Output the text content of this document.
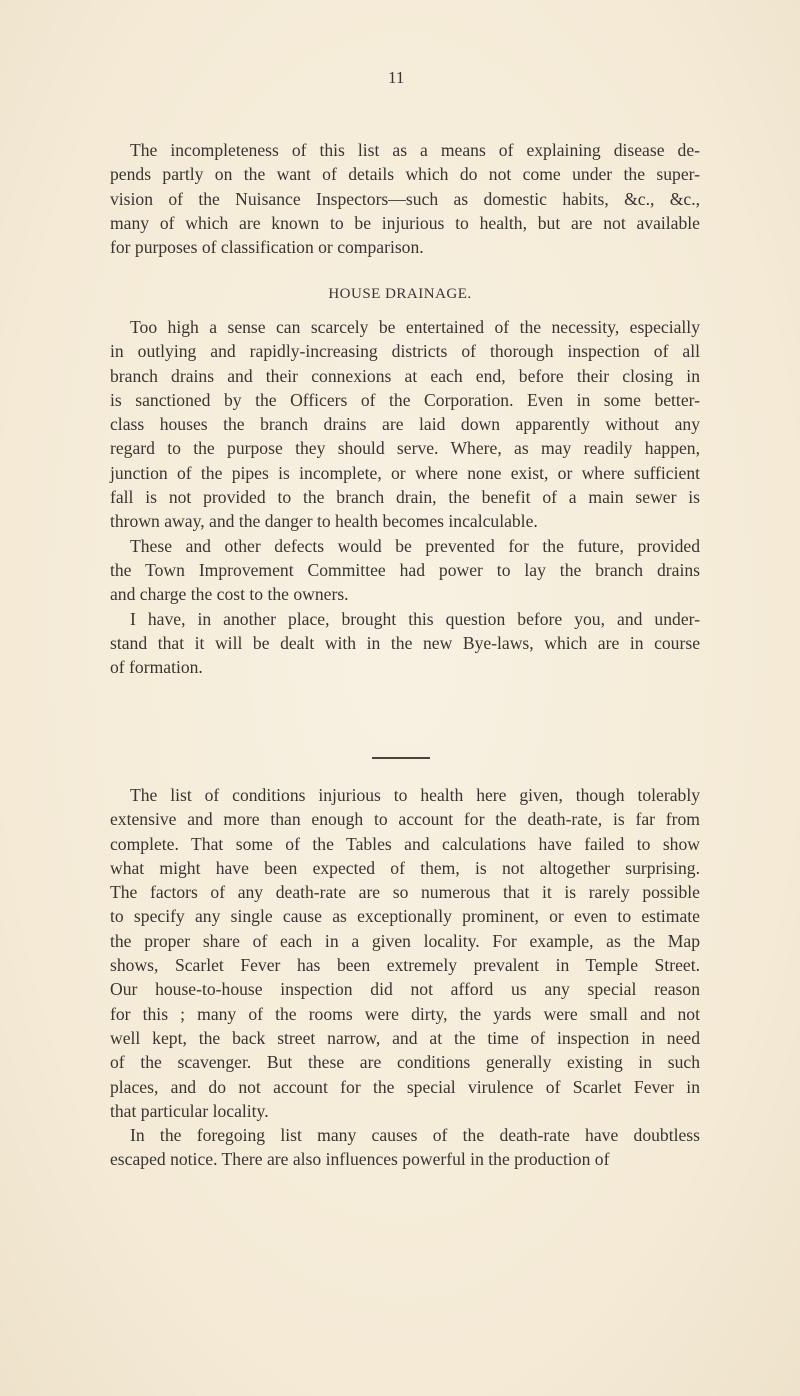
11
The incompleteness of this list as a means of explaining disease de-
pends partly on the want of details which do not come under the super-
vision of the Nuisance Inspectors—such as domestic habits, &c., &c.,
many of which are known to be injurious to health, but are not available
for purposes of classification or comparison.
HOUSE DRAINAGE.
Too high a sense can scarcely be entertained of the necessity, especially
in outlying and rapidly-increasing districts of thorough inspection of all
branch drains and their connexions at each end, before their closing in
is sanctioned by the Officers of the Corporation. Even in some better-
class houses the branch drains are laid down apparently without any
regard to the purpose they should serve. Where, as may readily happen,
junction of the pipes is incomplete, or where none exist, or where sufficient
fall is not provided to the branch drain, the benefit of a main sewer is
thrown away, and the danger to health becomes incalculable.
These and other defects would be prevented for the future, provided
the Town Improvement Committee had power to lay the branch drains
and charge the cost to the owners.
I have, in another place, brought this question before you, and under-
stand that it will be dealt with in the new Bye-laws, which are in course
of formation.
The list of conditions injurious to health here given, though tolerably
extensive and more than enough to account for the death-rate, is far from
complete. That some of the Tables and calculations have failed to show
what might have been expected of them, is not altogether surprising.
The factors of any death-rate are so numerous that it is rarely possible
to specify any single cause as exceptionally prominent, or even to estimate
the proper share of each in a given locality. For example, as the Map
shows, Scarlet Fever has been extremely prevalent in Temple Street.
Our house-to-house inspection did not afford us any special reason
for this ; many of the rooms were dirty, the yards were small and not
well kept, the back street narrow, and at the time of inspection in need
of the scavenger. But these are conditions generally existing in such
places, and do not account for the special virulence of Scarlet Fever in
that particular locality.
In the foregoing list many causes of the death-rate have doubtless
escaped notice. There are also influences powerful in the production of
